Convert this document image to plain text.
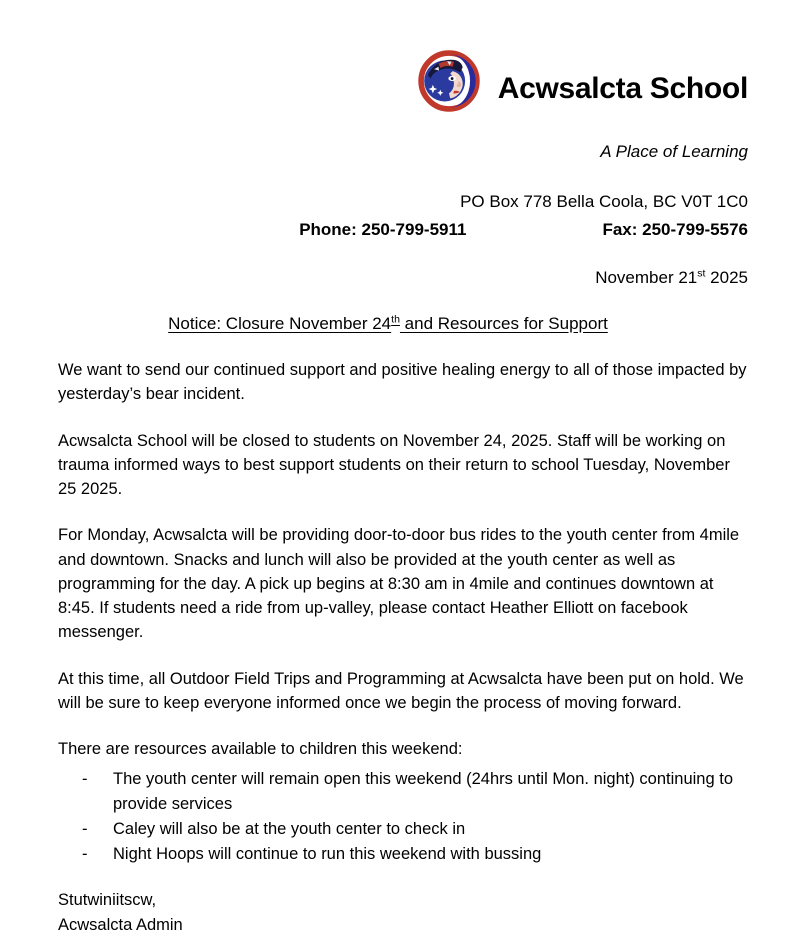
Acwsalcta School
A Place of Learning
PO Box 778 Bella Coola, BC V0T 1C0
Phone: 250-799-5911	Fax: 250-799-5576
November 21st 2025
Notice: Closure November 24th and Resources for Support

We want to send our continued support and positive healing energy to all of those impacted by yesterday’s bear incident.

Acwsalcta School will be closed to students on November 24, 2025. Staff will be working on trauma informed ways to best support students on their return to school Tuesday, November 25 2025.

For Monday, Acwsalcta will be providing door-to-door bus rides to the youth center from 4mile and downtown. Snacks and lunch will also be provided at the youth center as well as programming for the day. A pick up begins at 8:30 am in 4mile and continues downtown at 8:45. If students need a ride from up-valley, please contact Heather Elliott on facebook messenger.

At this time, all Outdoor Field Trips and Programming at Acwsalcta have been put on hold. We will be sure to keep everyone informed once we begin the process of moving forward.

There are resources available to children this weekend:

-	The youth center will remain open this weekend (24hrs until Mon. night) continuing to provide services
-	Caley will also be at the youth center to check in
-	Night Hoops will continue to run this weekend with bussing

Stutwiniitscw,

Acwsalcta Admin
